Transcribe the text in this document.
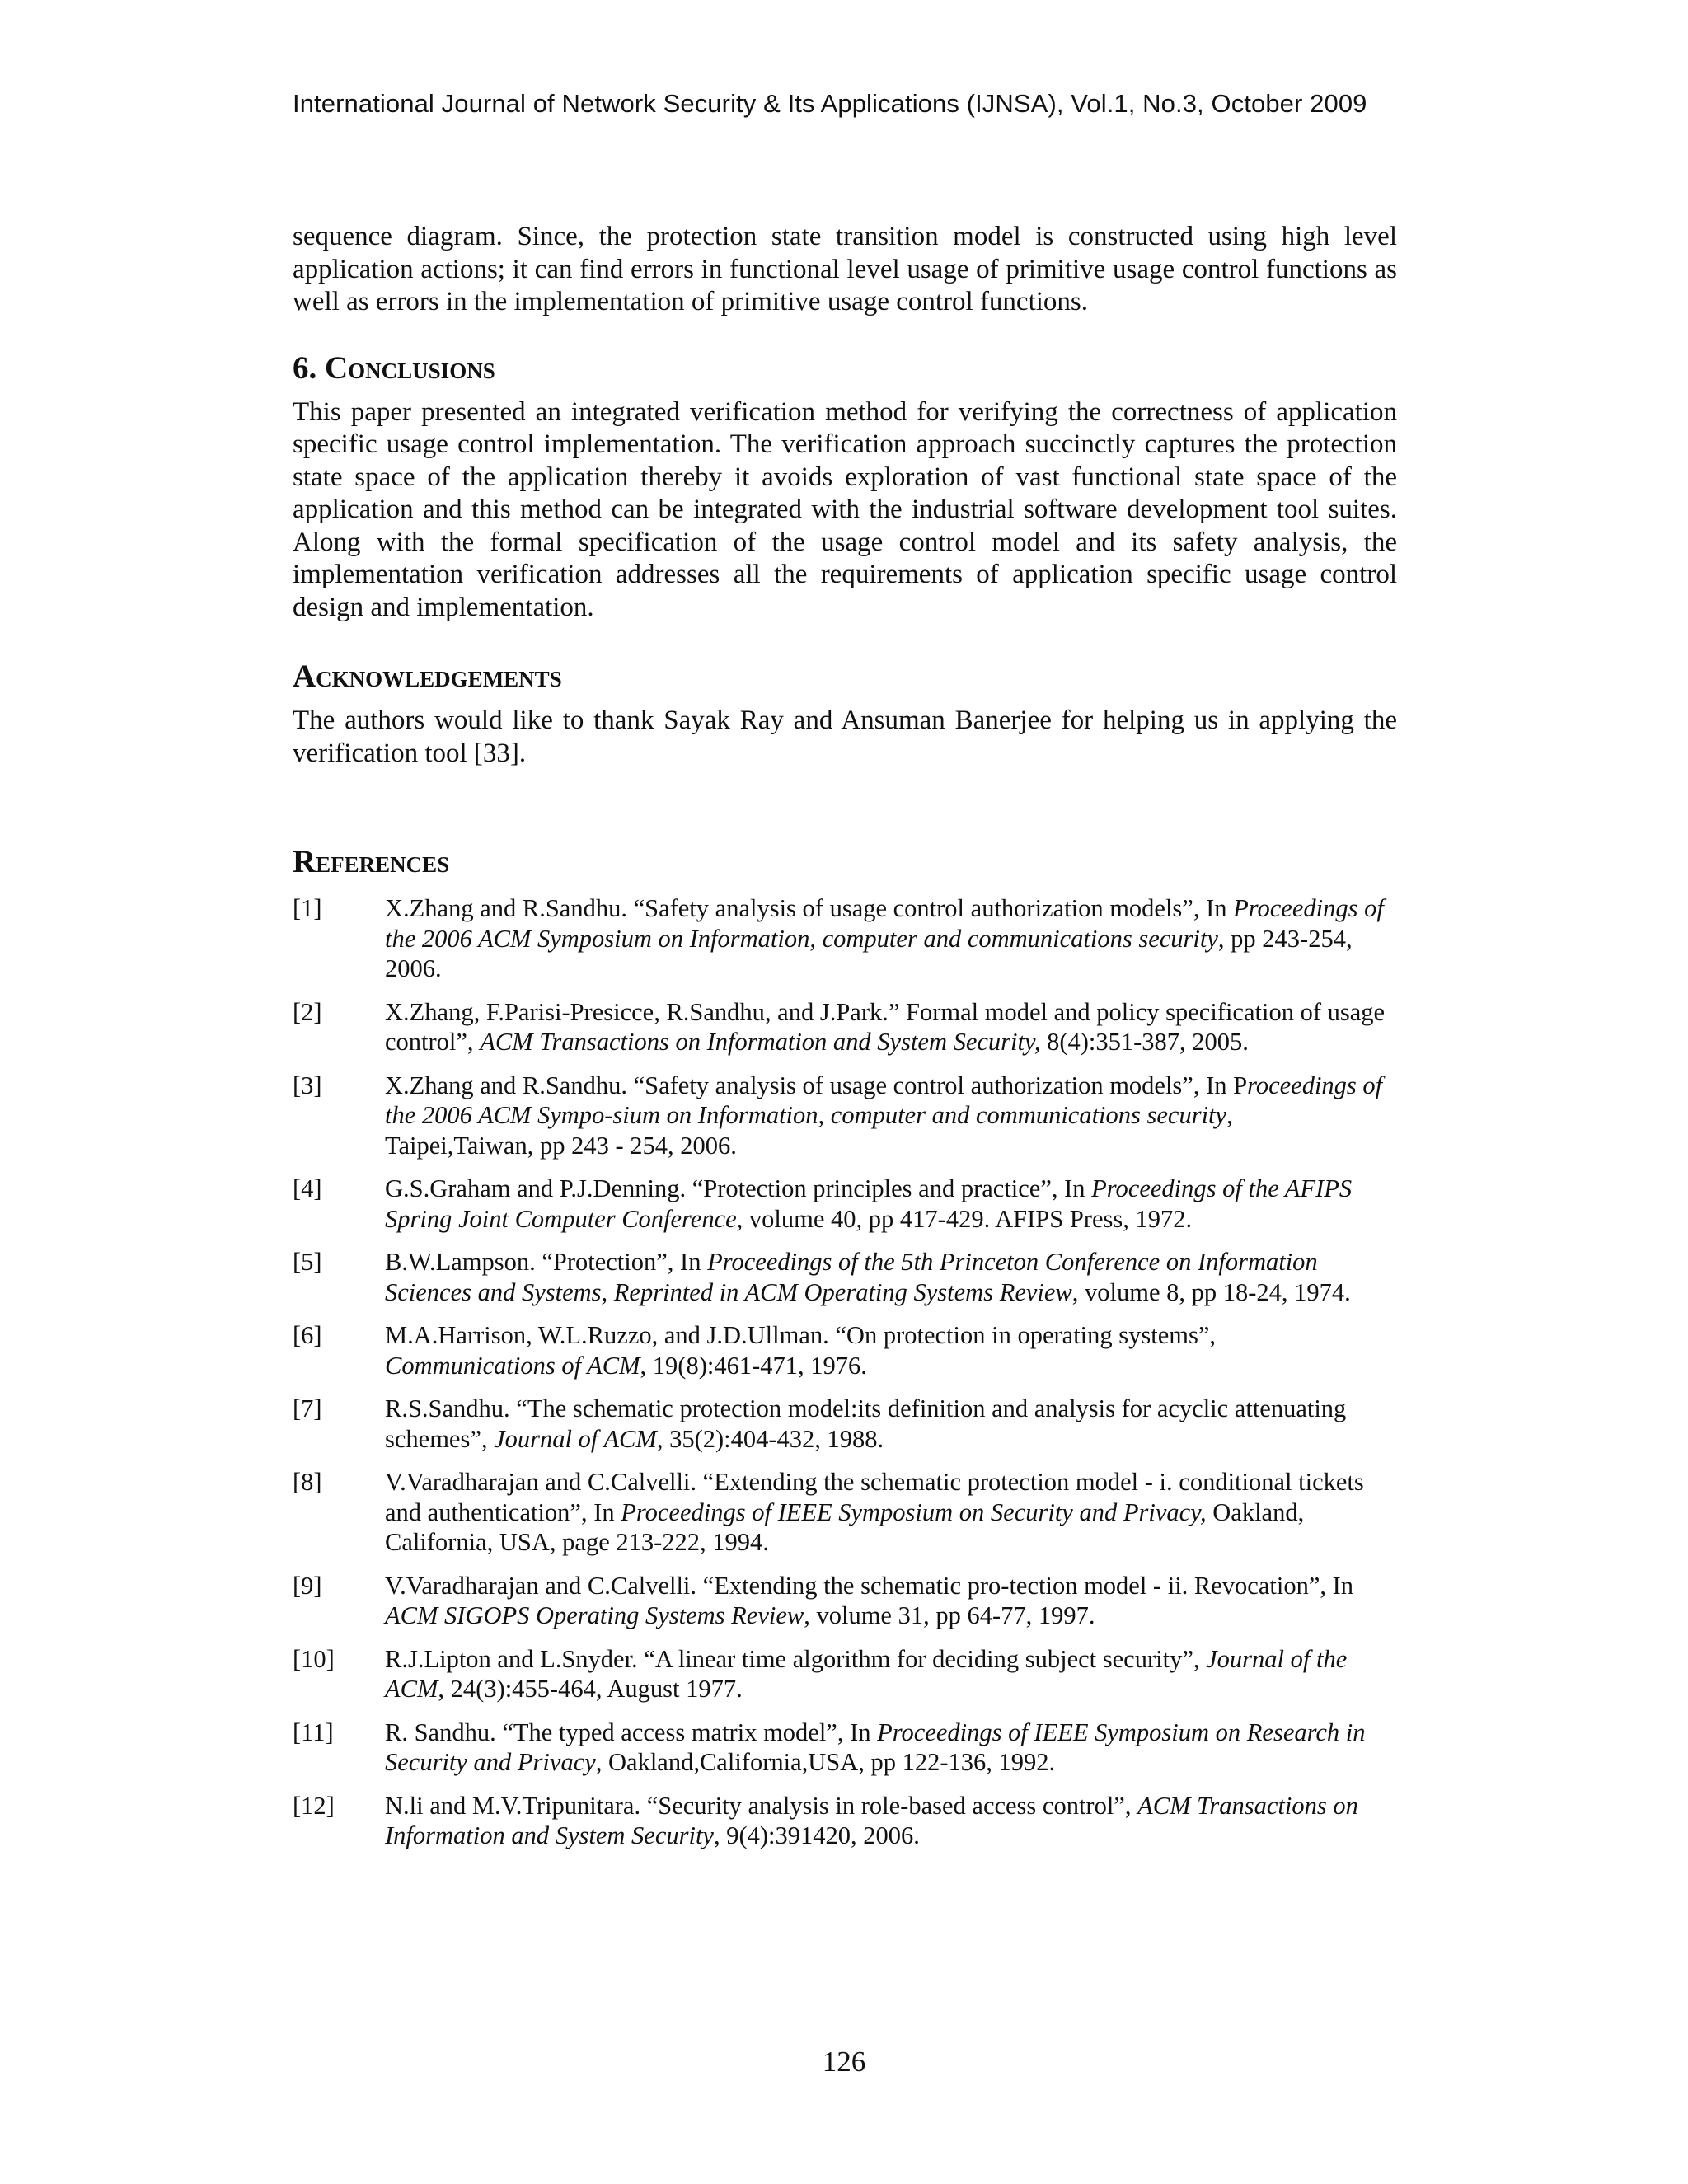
International Journal of Network Security & Its Applications (IJNSA), Vol.1, No.3, October 2009

sequence diagram. Since, the protection state transition model is constructed using high level application actions; it can find errors in functional level usage of primitive usage control functions as well as errors in the implementation of primitive usage control functions.

6. Conclusions

This paper presented an integrated verification method for verifying the correctness of application specific usage control implementation. The verification approach succinctly captures the protection state space of the application thereby it avoids exploration of vast functional state space of the application and this method can be integrated with the industrial software development tool suites. Along with the formal specification of the usage control model and its safety analysis, the implementation verification addresses all the requirements of application specific usage control design and implementation.

Acknowledgements

The authors would like to thank Sayak Ray and Ansuman Banerjee for helping us in applying the verification tool [33].

References
[1]	X.Zhang and R.Sandhu. “Safety analysis of usage control authorization models”, In Proceedings of the 2006 ACM Symposium on Information, computer and communications security, pp 243-254, 2006.
[2]	X.Zhang, F.Parisi-Presicce, R.Sandhu, and J.Park.” Formal model and policy specification of usage control”, ACM Transactions on Information and System Security, 8(4):351-387, 2005.
[3]	X.Zhang and R.Sandhu. “Safety analysis of usage control authorization models”, In Proceedings of the 2006 ACM Sympo-sium on Information, computer and communications security, Taipei,Taiwan, pp 243 - 254, 2006.
[4]	G.S.Graham and P.J.Denning. “Protection principles and practice”, In Proceedings of the AFIPS Spring Joint Computer Conference, volume 40, pp 417-429. AFIPS Press, 1972.
[5]	B.W.Lampson. “Protection”, In Proceedings of the 5th Princeton Conference on Information Sciences and Systems, Reprinted in ACM Operating Systems Review, volume 8, pp 18-24, 1974.
[6]	M.A.Harrison, W.L.Ruzzo, and J.D.Ullman. “On protection in operating systems”, Communications of ACM, 19(8):461-471, 1976.
[7]	R.S.Sandhu. “The schematic protection model:its definition and analysis for acyclic attenuating schemes”, Journal of ACM, 35(2):404-432, 1988.
[8]	V.Varadharajan and C.Calvelli. “Extending the schematic protection model - i. conditional tickets and authentication”, In Proceedings of IEEE Symposium on Security and Privacy, Oakland, California, USA, page 213-222, 1994.
[9]	V.Varadharajan and C.Calvelli. “Extending the schematic pro-tection model - ii. Revocation”, In ACM SIGOPS Operating Systems Review, volume 31, pp 64-77, 1997.
[10]	R.J.Lipton and L.Snyder. “A linear time algorithm for deciding subject security”, Journal of the ACM, 24(3):455-464, August 1977.
[11]	R. Sandhu. “The typed access matrix model”, In Proceedings of IEEE Symposium on Research in Security and Privacy, Oakland,California,USA, pp 122-136, 1992.
[12]	N.li and M.V.Tripunitara. “Security analysis in role-based access control”, ACM Transactions on Information and System Security, 9(4):391420, 2006.
126
